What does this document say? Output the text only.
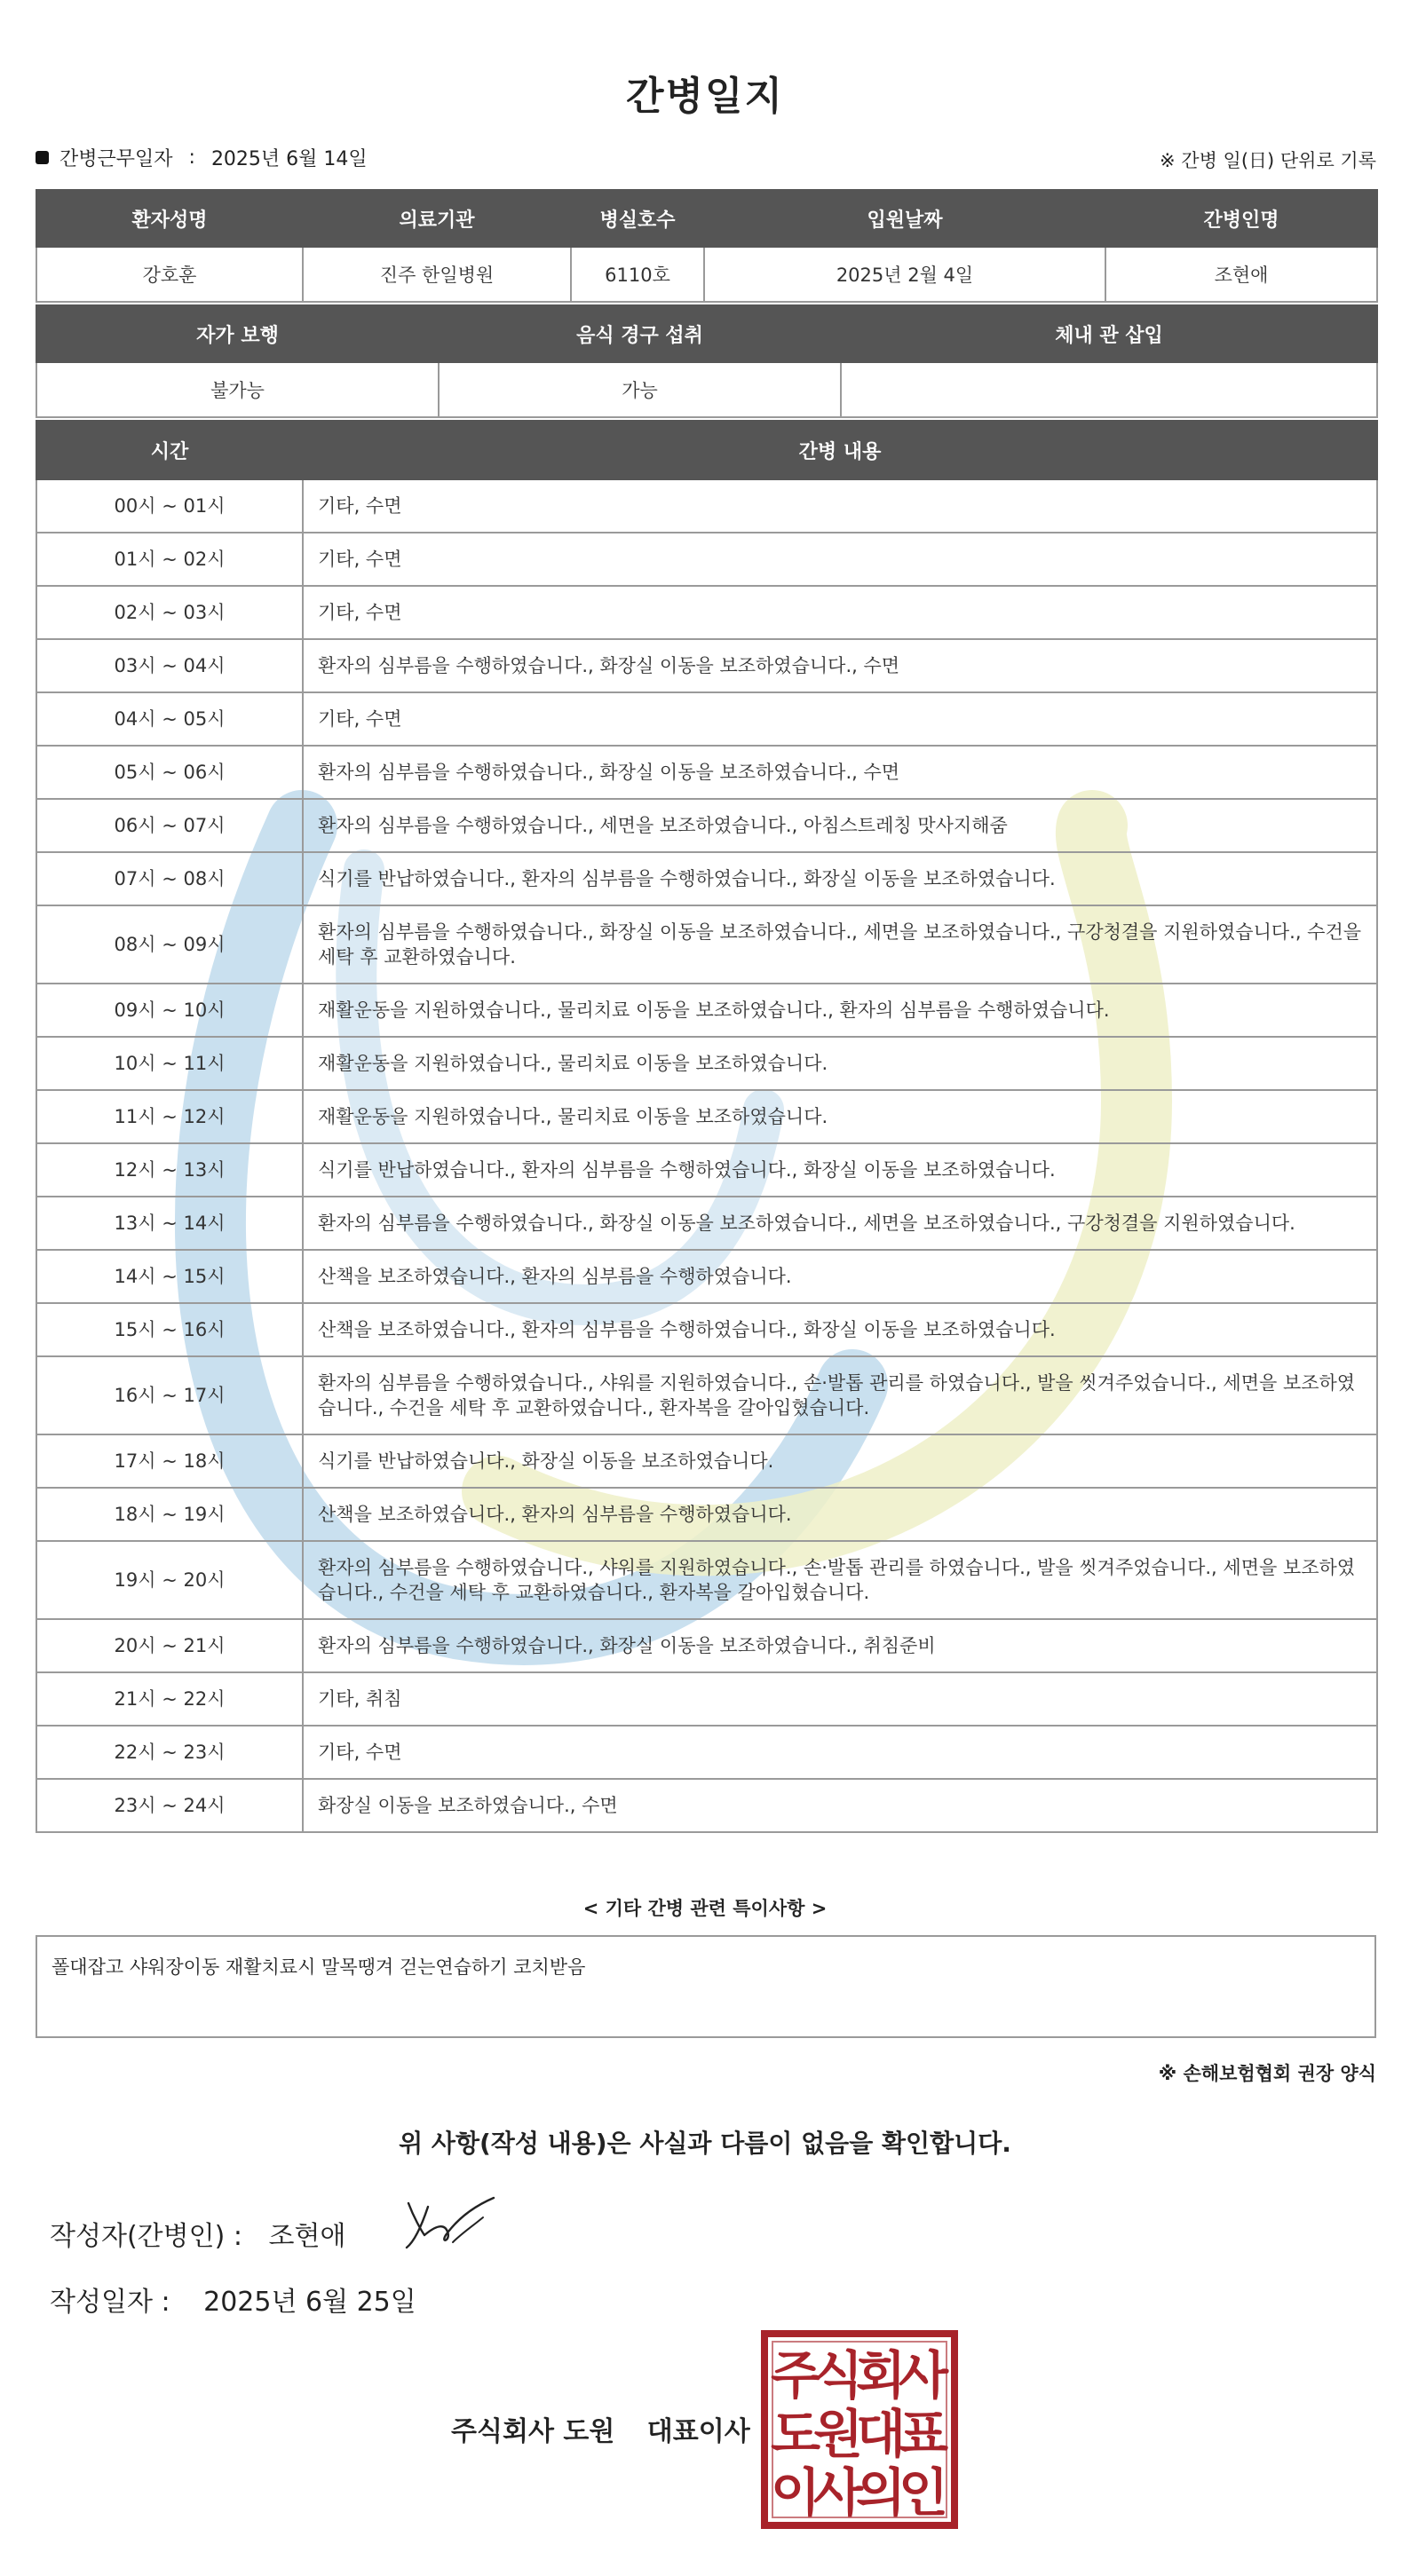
간병일지
간병근무일자 : 2025년 6월 14일	※ 간병 일(日) 단위로 기록
환자성명	의료기관	병실호수	입원날짜	간병인명
강호훈	진주 한일병원	6110호	2025년 2월 4일	조현애
자가 보행	음식 경구 섭취	체내 관 삽입
불가능	가능	
시간	간병 내용
00시 ~ 01시	기타, 수면
01시 ~ 02시	기타, 수면
02시 ~ 03시	기타, 수면
03시 ~ 04시	환자의 심부름을 수행하였습니다., 화장실 이동을 보조하였습니다., 수면
04시 ~ 05시	기타, 수면
05시 ~ 06시	환자의 심부름을 수행하였습니다., 화장실 이동을 보조하였습니다., 수면
06시 ~ 07시	환자의 심부름을 수행하였습니다., 세면을 보조하였습니다., 아침스트레칭 맛사지해줌
07시 ~ 08시	식기를 반납하였습니다., 환자의 심부름을 수행하였습니다., 화장실 이동을 보조하였습니다.
08시 ~ 09시	환자의 심부름을 수행하였습니다., 화장실 이동을 보조하였습니다., 세면을 보조하였습니다., 구강청결을 지원하였습니다., 수건을 세탁 후 교환하였습니다.
09시 ~ 10시	재활운동을 지원하였습니다., 물리치료 이동을 보조하였습니다., 환자의 심부름을 수행하였습니다.
10시 ~ 11시	재활운동을 지원하였습니다., 물리치료 이동을 보조하였습니다.
11시 ~ 12시	재활운동을 지원하였습니다., 물리치료 이동을 보조하였습니다.
12시 ~ 13시	식기를 반납하였습니다., 환자의 심부름을 수행하였습니다., 화장실 이동을 보조하였습니다.
13시 ~ 14시	환자의 심부름을 수행하였습니다., 화장실 이동을 보조하였습니다., 세면을 보조하였습니다., 구강청결을 지원하였습니다.
14시 ~ 15시	산책을 보조하였습니다., 환자의 심부름을 수행하였습니다.
15시 ~ 16시	산책을 보조하였습니다., 환자의 심부름을 수행하였습니다., 화장실 이동을 보조하였습니다.
16시 ~ 17시	환자의 심부름을 수행하였습니다., 샤워를 지원하였습니다., 손·발톱 관리를 하였습니다., 발을 씻겨주었습니다., 세면을 보조하였습니다., 수건을 세탁 후 교환하였습니다., 환자복을 갈아입혔습니다.
17시 ~ 18시	식기를 반납하였습니다., 화장실 이동을 보조하였습니다.
18시 ~ 19시	산책을 보조하였습니다., 환자의 심부름을 수행하였습니다.
19시 ~ 20시	환자의 심부름을 수행하였습니다., 샤워를 지원하였습니다., 손·발톱 관리를 하였습니다., 발을 씻겨주었습니다., 세면을 보조하였습니다., 수건을 세탁 후 교환하였습니다., 환자복을 갈아입혔습니다.
20시 ~ 21시	환자의 심부름을 수행하였습니다., 화장실 이동을 보조하였습니다., 취침준비
21시 ~ 22시	기타, 취침
22시 ~ 23시	기타, 수면
23시 ~ 24시	화장실 이동을 보조하였습니다., 수면
< 기타 간병 관련 특이사항 >
폴대잡고 샤워장이동 재활치료시 말목땡겨 걷는연습하기 코치받음
※ 손해보험협회 권장 양식
위 사항(작성 내용)은 사실과 다름이 없음을 확인합니다.
작성자(간병인) : 조현애
작성일자 : 2025년 6월 25일
주식회사 도원 대표이사
주
식
회
사
도
원
대
표
이
사
의
인
